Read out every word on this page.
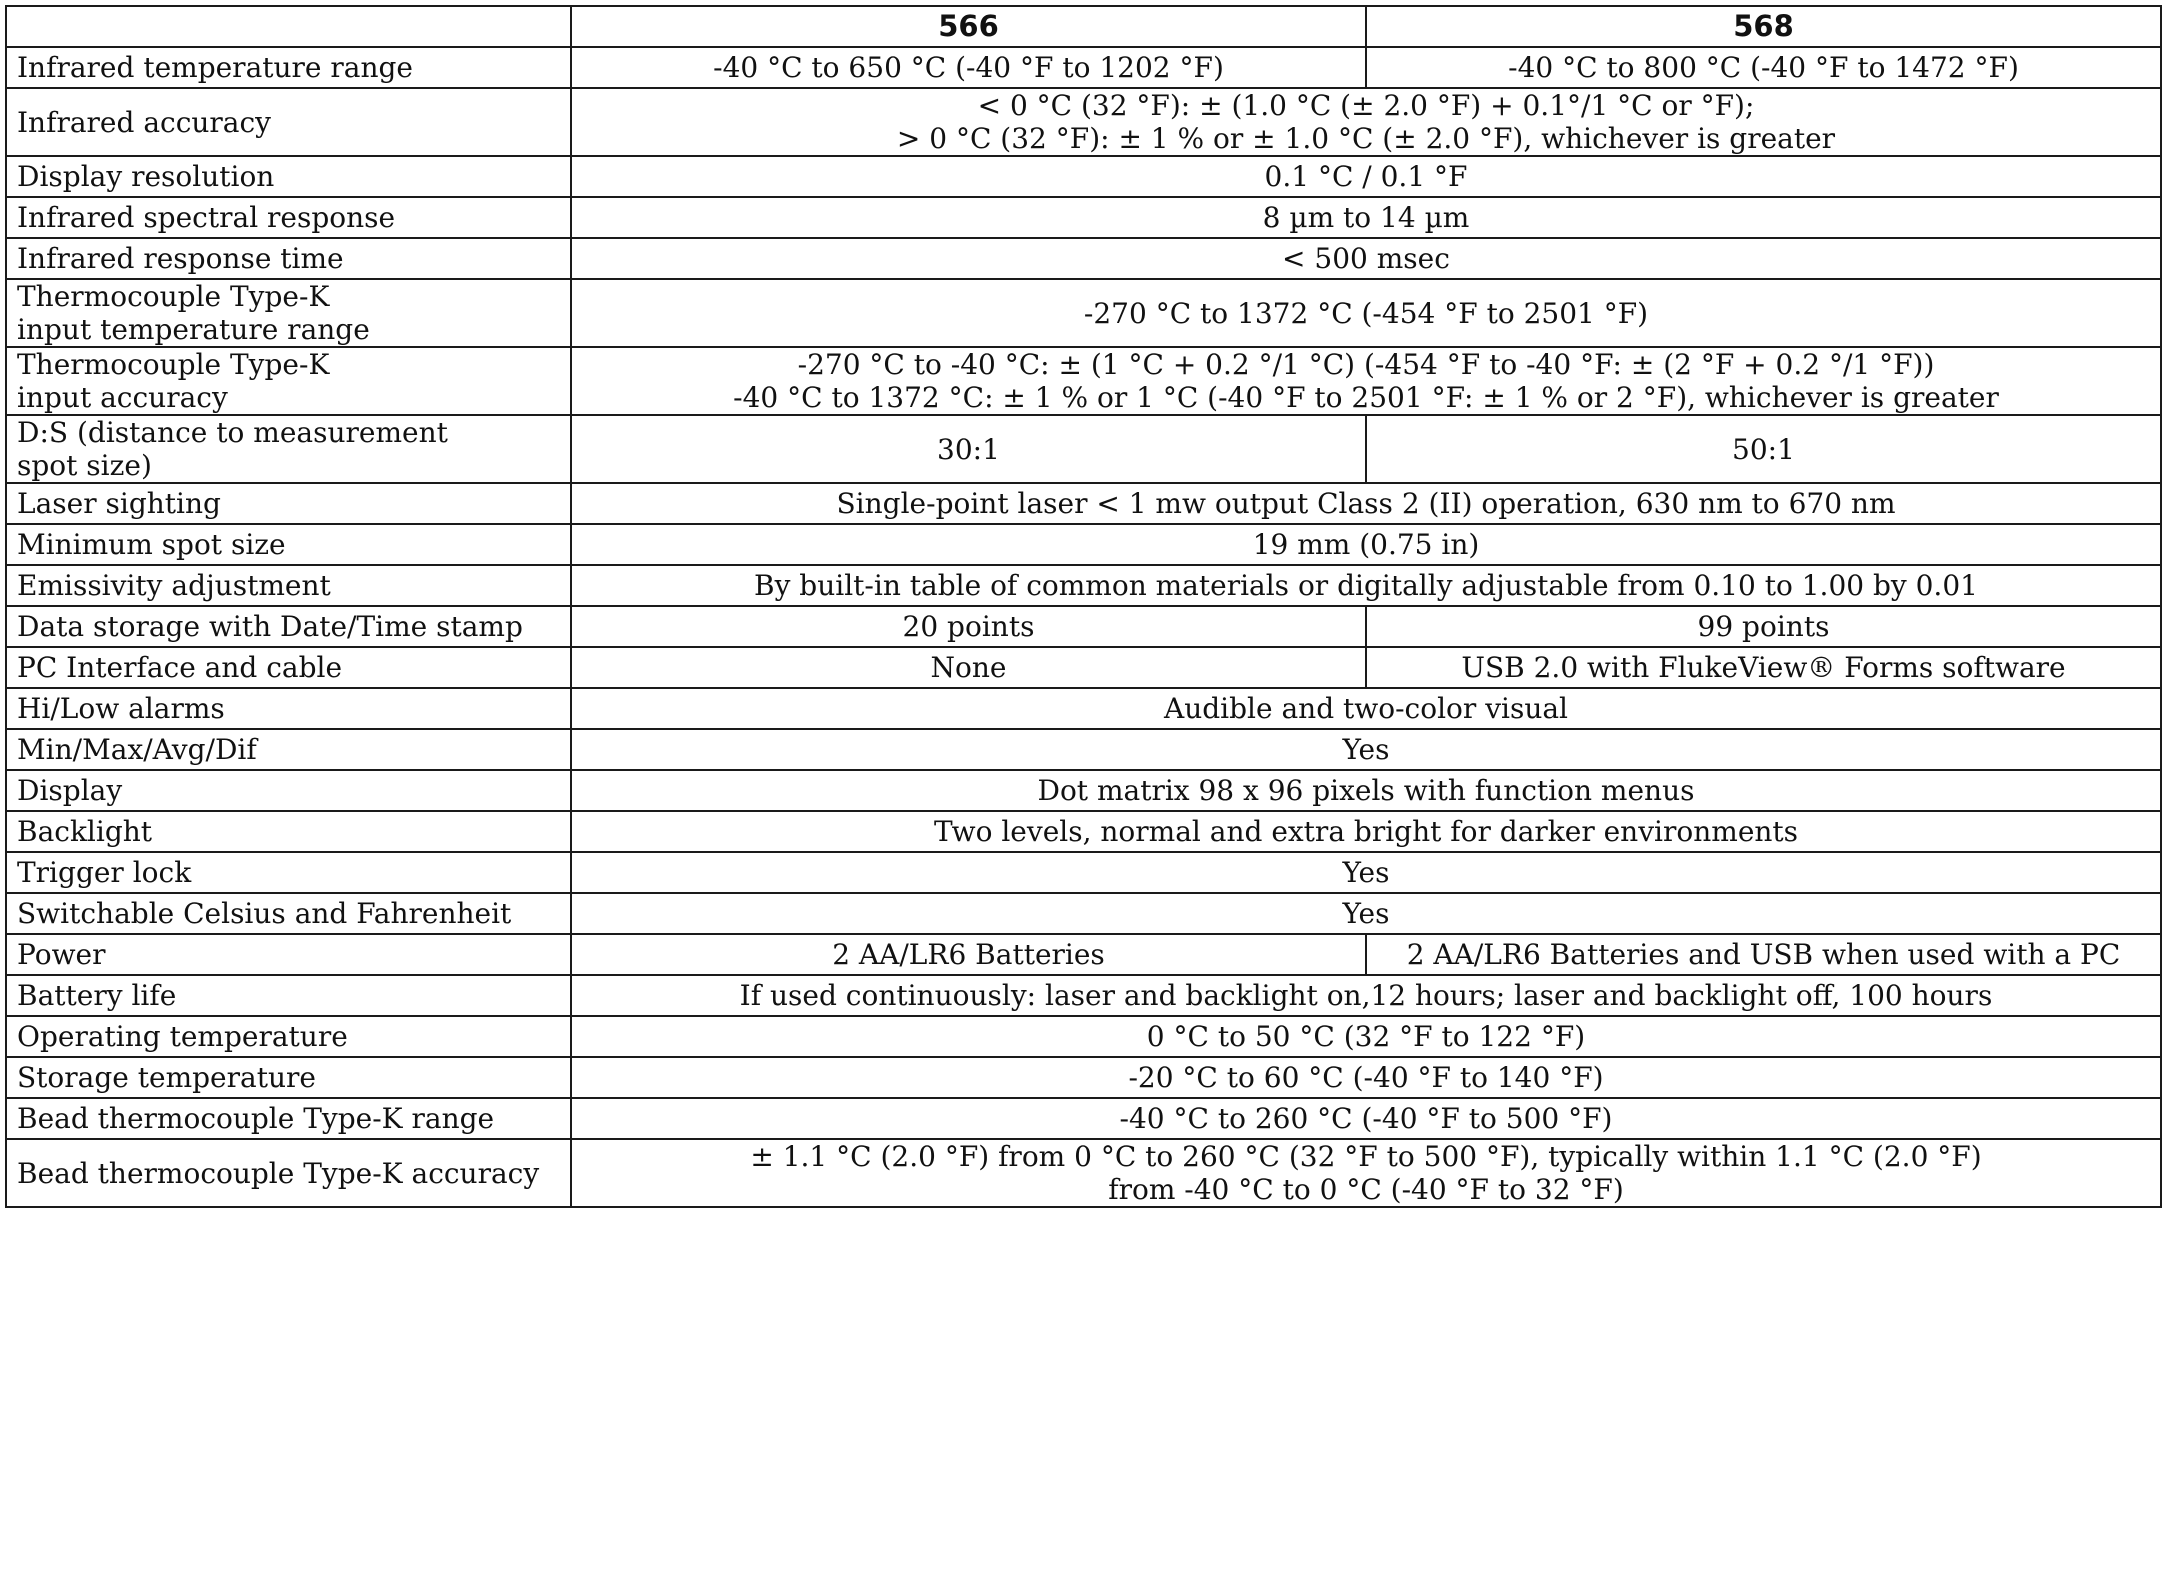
	566	568
Infrared temperature range	-40 °C to 650 °C (-40 °F to 1202 °F)	-40 °C to 800 °C (-40 °F to 1472 °F)
Infrared accuracy	< 0 °C (32 °F): ± (1.0 °C (± 2.0 °F) + 0.1°/1 °C or °F);
> 0 °C (32 °F): ± 1 % or ± 1.0 °C (± 2.0 °F), whichever is greater	
Display resolution	0.1 °C / 0.1 °F	
Infrared spectral response	8 µm to 14 µm	
Infrared response time	< 500 msec	
Thermocouple Type-K
input temperature range	-270 °C to 1372 °C (-454 °F to 2501 °F)	
Thermocouple Type-K
input accuracy	-270 °C to -40 °C: ± (1 °C + 0.2 °/1 °C) (-454 °F to -40 °F: ± (2 °F + 0.2 °/1 °F))
-40 °C to 1372 °C: ± 1 % or 1 °C (-40 °F to 2501 °F: ± 1 % or 2 °F), whichever is greater	
D:S (distance to measurement
spot size)	30:1	50:1
Laser sighting	Single-point laser < 1 mw output Class 2 (II) operation, 630 nm to 670 nm	
Minimum spot size	19 mm (0.75 in)	
Emissivity adjustment	By built-in table of common materials or digitally adjustable from 0.10 to 1.00 by 0.01	
Data storage with Date/Time stamp	20 points	99 points
PC Interface and cable	None	USB 2.0 with FlukeView® Forms software
Hi/Low alarms	Audible and two-color visual	
Min/Max/Avg/Dif	Yes	
Display	Dot matrix 98 x 96 pixels with function menus	
Backlight	Two levels, normal and extra bright for darker environments	
Trigger lock	Yes	
Switchable Celsius and Fahrenheit	Yes	
Power	2 AA/LR6 Batteries	2 AA/LR6 Batteries and USB when used with a PC
Battery life	If used continuously: laser and backlight on,12 hours; laser and backlight off, 100 hours	
Operating temperature	0 °C to 50 °C (32 °F to 122 °F)	
Storage temperature	-20 °C to 60 °C (-40 °F to 140 °F)	
Bead thermocouple Type-K range	-40 °C to 260 °C (-40 °F to 500 °F)	
Bead thermocouple Type-K accuracy	± 1.1 °C (2.0 °F) from 0 °C to 260 °C (32 °F to 500 °F), typically within 1.1 °C (2.0 °F)
from -40 °C to 0 °C (-40 °F to 32 °F)	
